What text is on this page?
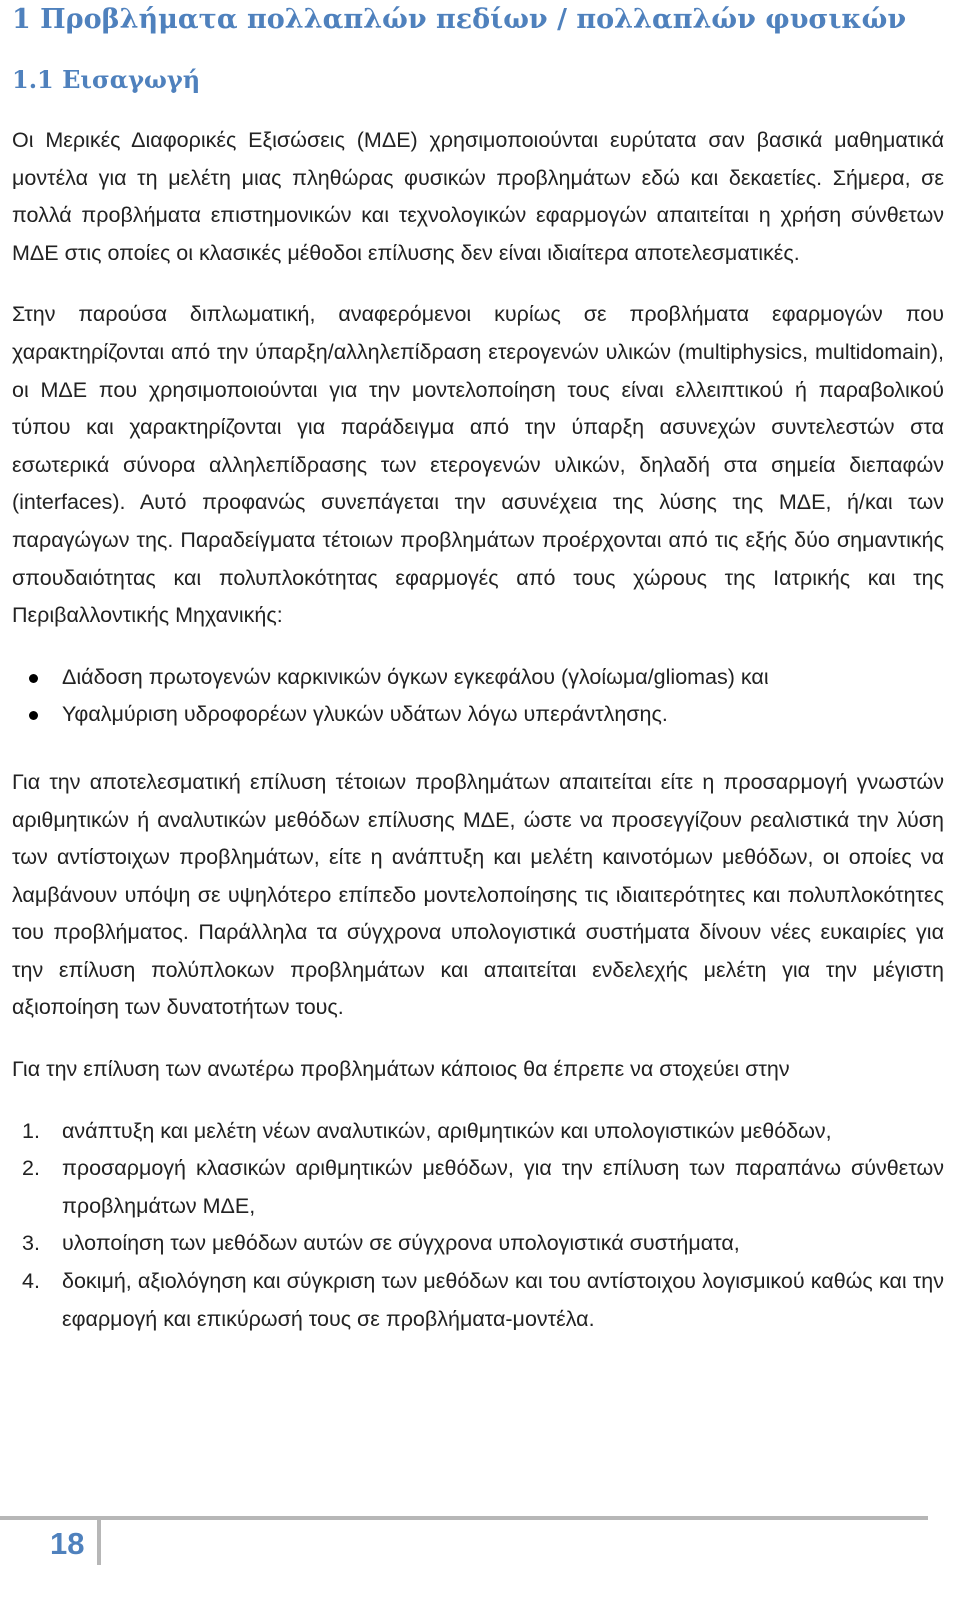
1 Προβλήματα πολλαπλών πεδίων / πολλαπλών φυσικών
1.1 Εισαγωγή

Οι Μερικές Διαφορικές Εξισώσεις (ΜΔΕ) χρησιμοποιούνται ευρύτατα σαν βασικά μαθηματικά μοντέλα για τη μελέτη μιας πληθώρας φυσικών προβλημάτων εδώ και δεκαετίες. Σήμερα, σε πολλά προβλήματα επιστημονικών και τεχνολογικών εφαρμογών απαιτείται η χρήση σύνθετων ΜΔΕ στις οποίες οι κλασικές μέθοδοι επίλυσης δεν είναι ιδιαίτερα αποτελεσματικές.

Στην παρούσα διπλωματική, αναφερόμενοι κυρίως σε προβλήματα εφαρμογών που χαρακτηρίζονται από την ύπαρξη/αλληλεπίδραση ετερογενών υλικών (multiphysics, multidomain), οι ΜΔΕ που χρησιμοποιούνται για την μοντελοποίηση τους είναι ελλειπτικού ή παραβολικού τύπου και χαρακτηρίζονται για παράδειγμα από την ύπαρξη ασυνεχών συντελεστών στα εσωτερικά σύνορα αλληλεπίδρασης των ετερογενών υλικών, δηλαδή στα σημεία διεπαφών (interfaces). Αυτό προφανώς συνεπάγεται την ασυνέχεια της λύσης της ΜΔΕ, ή/και των παραγώγων της. Παραδείγματα τέτοιων προβλημάτων προέρχονται από τις εξής δύο σημαντικής σπουδαιότητας και πολυπλοκότητας εφαρμογές από τους χώρους της Ιατρικής και της Περιβαλλοντικής Μηχανικής:

Διάδοση πρωτογενών καρκινικών όγκων εγκεφάλου (γλοίωμα/gliomas) και
Υφαλμύριση υδροφορέων γλυκών υδάτων λόγω υπεράντλησης.

Για την αποτελεσματική επίλυση τέτοιων προβλημάτων απαιτείται είτε η προσαρμογή γνωστών αριθμητικών ή αναλυτικών μεθόδων επίλυσης ΜΔΕ, ώστε να προσεγγίζουν ρεαλιστικά την λύση των αντίστοιχων προβλημάτων, είτε η ανάπτυξη και μελέτη καινοτόμων μεθόδων, οι οποίες να λαμβάνουν υπόψη σε υψηλότερο επίπεδο μοντελοποίησης τις ιδιαιτερότητες και πολυπλοκότητες του προβλήματος. Παράλληλα τα σύγχρονα υπολογιστικά συστήματα δίνουν νέες ευκαιρίες για την επίλυση πολύπλοκων προβλημάτων και απαιτείται ενδελεχής μελέτη για την μέγιστη αξιοποίηση των δυνατοτήτων τους.

Για την επίλυση των ανωτέρω προβλημάτων κάποιος θα έπρεπε να στοχεύει στην

1. ανάπτυξη και μελέτη νέων αναλυτικών, αριθμητικών και υπολογιστικών μεθόδων,
2. προσαρμογή κλασικών αριθμητικών μεθόδων, για την επίλυση των παραπάνω σύνθετων προβλημάτων ΜΔΕ,
3. υλοποίηση των μεθόδων αυτών σε σύγχρονα υπολογιστικά συστήματα,
4. δοκιμή, αξιολόγηση και σύγκριση των μεθόδων και του αντίστοιχου λογισμικού καθώς και την εφαρμογή και επικύρωσή τους σε προβλήματα-μοντέλα.
18
